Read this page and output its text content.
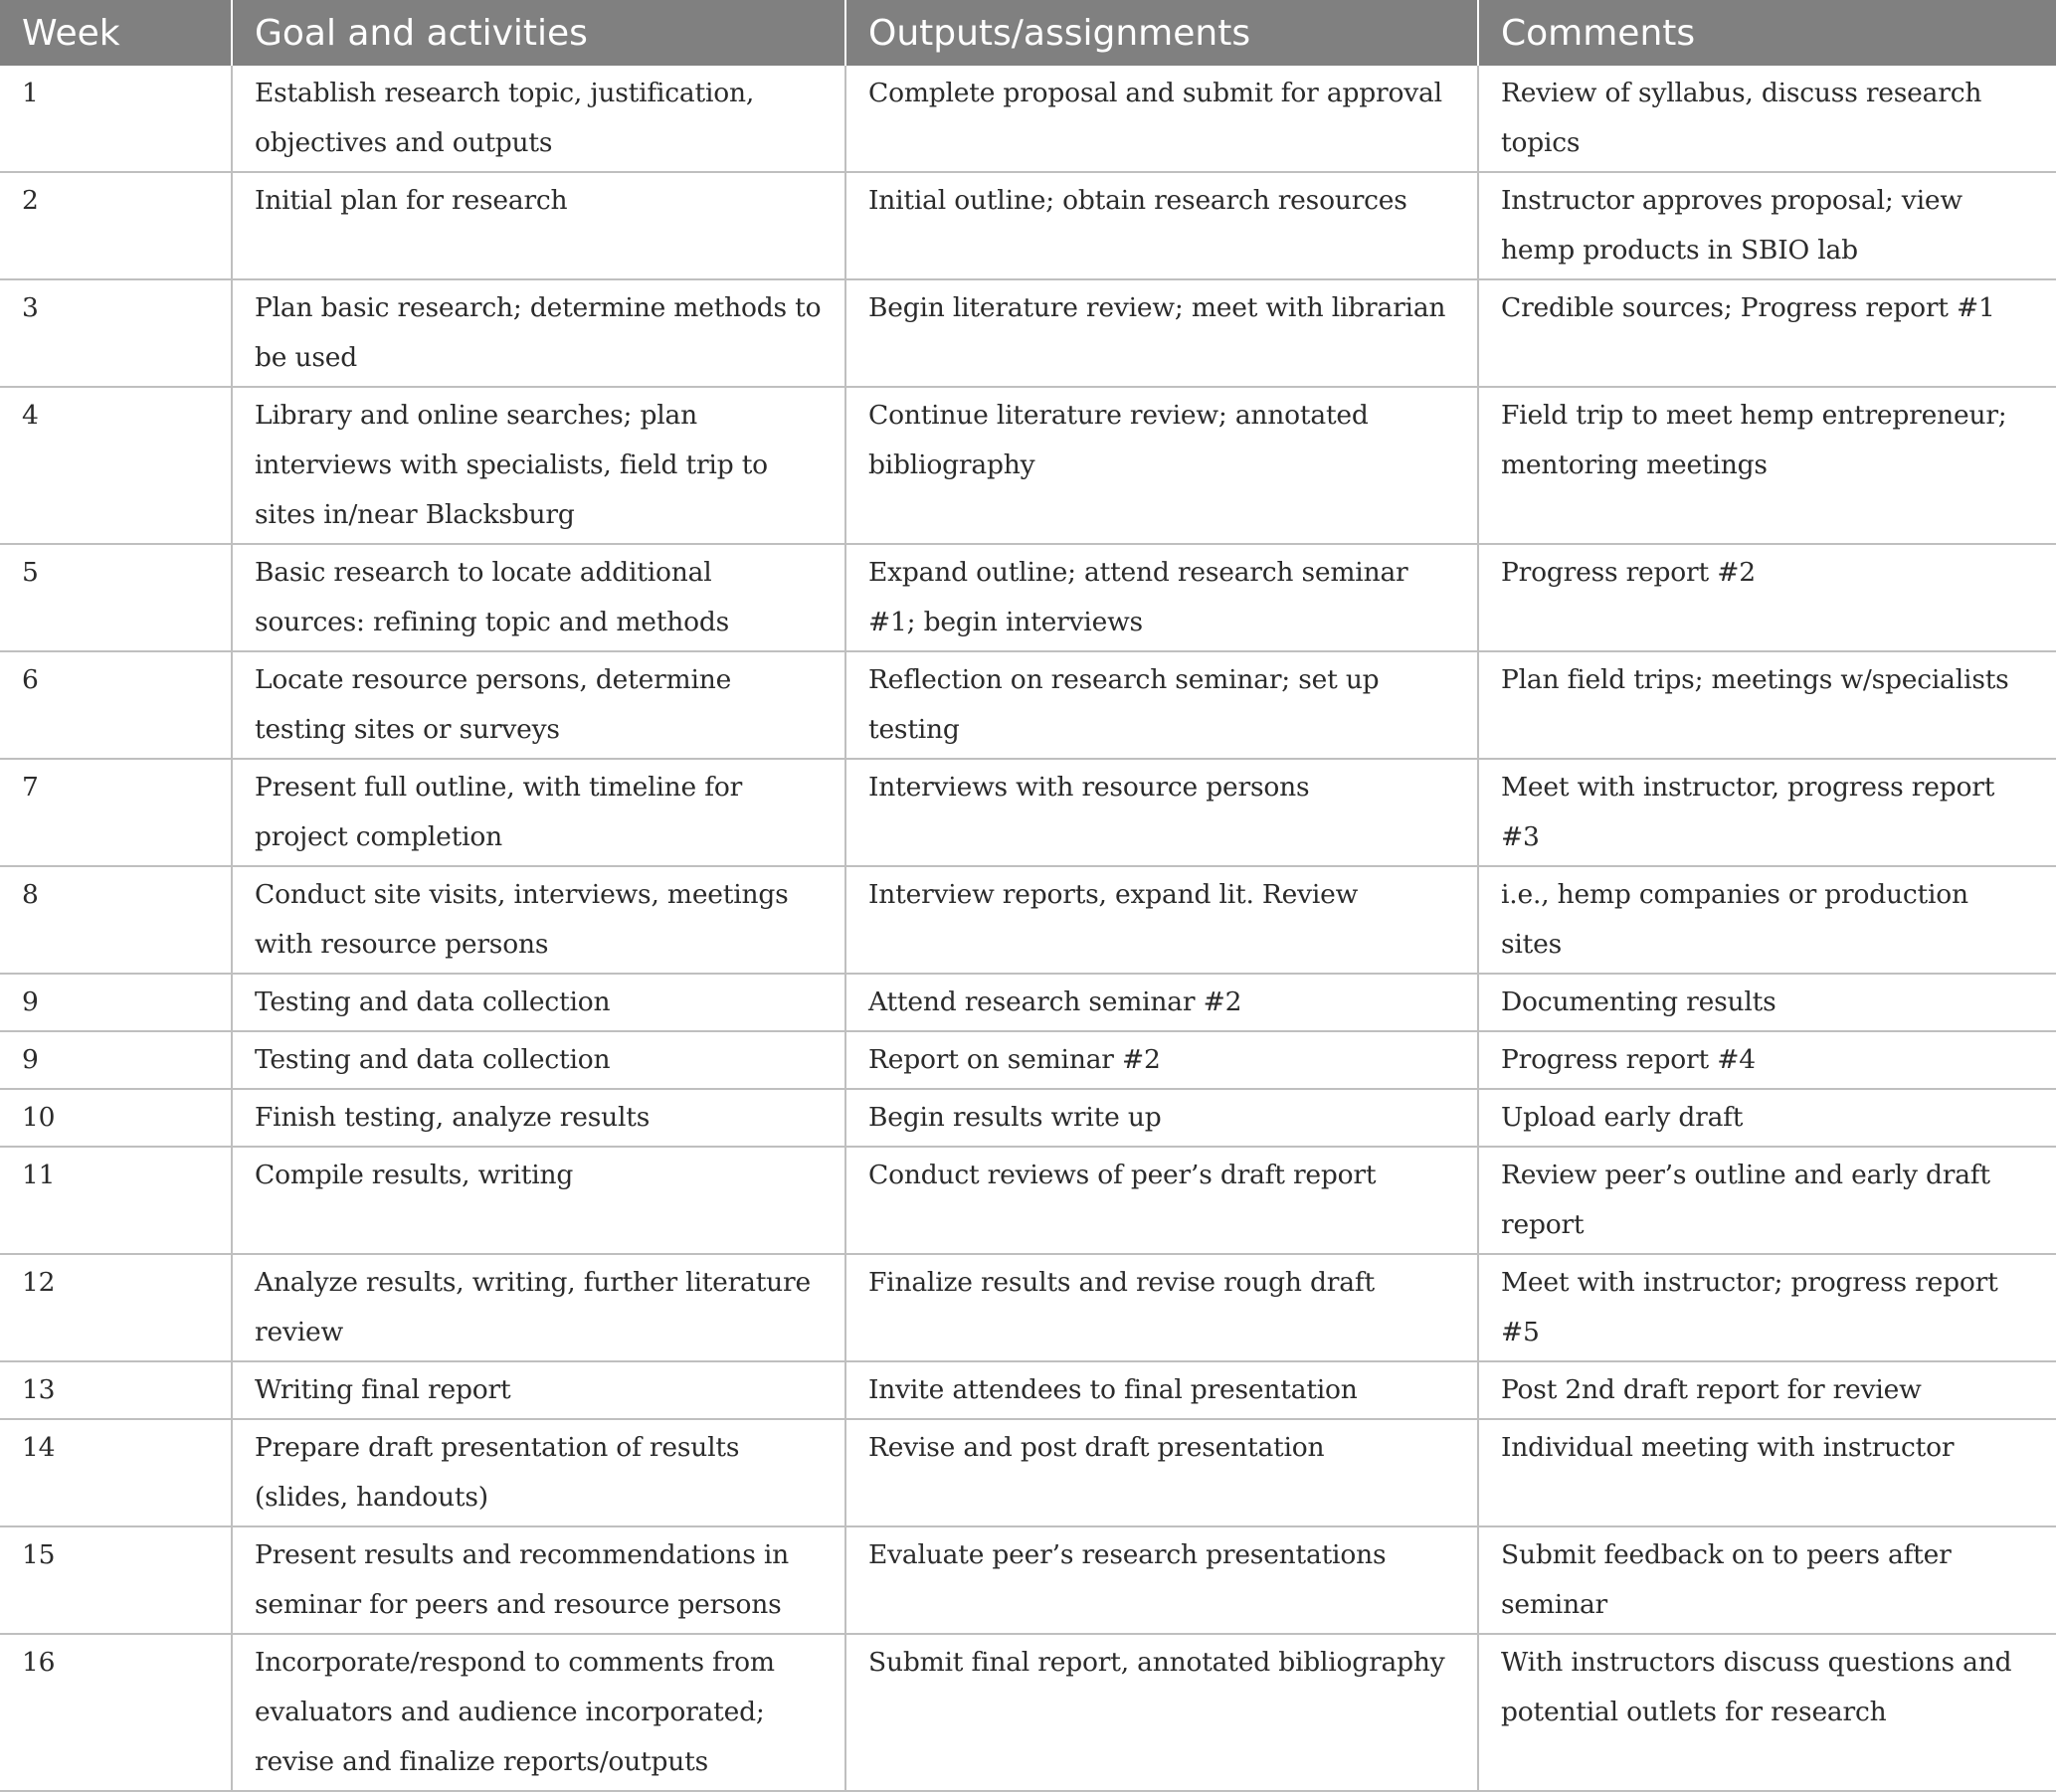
Week	Goal and activities	Outputs/assignments	Comments
1	Establish research topic, justification, objectives and outputs	Complete proposal and submit for approval	Review of syllabus, discuss research topics
2	Initial plan for research	Initial outline; obtain research resources	Instructor approves proposal; view hemp products in SBIO lab
3	Plan basic research; determine methods to be used	Begin literature review; meet with librarian	Credible sources; Progress report #1
4	Library and online searches; plan interviews with specialists, field trip to sites in/near Blacksburg	Continue literature review; annotated bibliography	Field trip to meet hemp entrepreneur; mentoring meetings
5	Basic research to locate additional sources: refining topic and methods	Expand outline; attend research seminar #1; begin interviews	Progress report #2
6	Locate resource persons, determine testing sites or surveys	Reflection on research seminar; set up testing	Plan field trips; meetings w/specialists
7	Present full outline, with timeline for project completion	Interviews with resource persons	Meet with instructor, progress report #3
8	Conduct site visits, interviews, meetings with resource persons	Interview reports, expand lit. Review	i.e., hemp companies or production sites
9	Testing and data collection	Attend research seminar #2	Documenting results
9	Testing and data collection	Report on seminar #2	Progress report #4
10	Finish testing, analyze results	Begin results write up	Upload early draft
11	Compile results, writing	Conduct reviews of peer’s draft report	Review peer’s outline and early draft report
12	Analyze results, writing, further literature review	Finalize results and revise rough draft	Meet with instructor; progress report #5
13	Writing final report	Invite attendees to final presentation	Post 2nd draft report for review
14	Prepare draft presentation of results (slides, handouts)	Revise and post draft presentation	Individual meeting with instructor
15	Present results and recommendations in seminar for peers and resource persons	Evaluate peer’s research presentations	Submit feedback on to peers after seminar
16	Incorporate/respond to comments from evaluators and audience incorporated; revise and finalize reports/outputs	Submit final report, annotated bibliography	With instructors discuss questions and potential outlets for research
